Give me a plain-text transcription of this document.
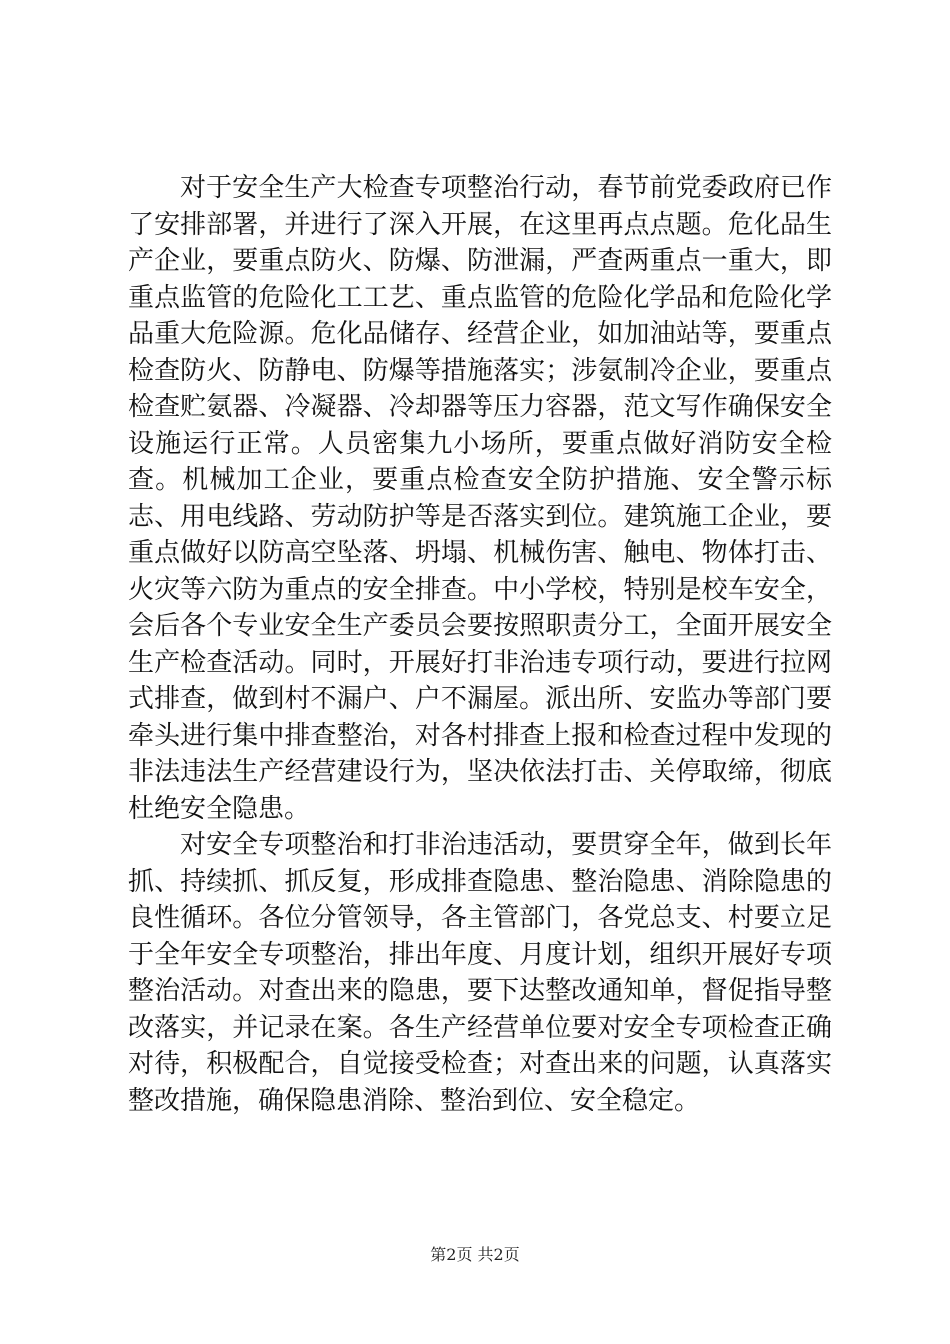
对于安全生产大检查专项整治行动，春节前党委政府已作了安排部署，并进行了深入开展，在这里再点点题。危化品生产企业，要重点防火、防爆、防泄漏，严查两重点一重大，即重点监管的危险化工工艺、重点监管的危险化学品和危险化学品重大危险源。危化品储存、经营企业，如加油站等，要重点检查防火、防静电、防爆等措施落实；涉氨制冷企业，要重点检查贮氨器、冷凝器、冷却器等压力容器，范文写作确保安全设施运行正常。人员密集九小场所，要重点做好消防安全检查。机械加工企业，要重点检查安全防护措施、安全警示标志、用电线路、劳动防护等是否落实到位。建筑施工企业，要重点做好以防高空坠落、坍塌、机械伤害、触电、物体打击、火灾等六防为重点的安全排查。中小学校，特别是校车安全，会后各个专业安全生产委员会要按照职责分工，全面开展安全生产检查活动。同时，开展好打非治违专项行动，要进行拉网式排查，做到村不漏户、户不漏屋。派出所、安监办等部门要牵头进行集中排查整治，对各村排查上报和检查过程中发现的非法违法生产经营建设行为，坚决依法打击、关停取缔，彻底杜绝安全隐患。

对安全专项整治和打非治违活动，要贯穿全年，做到长年抓、持续抓、抓反复，形成排查隐患、整治隐患、消除隐患的良性循环。各位分管领导，各主管部门，各党总支、村要立足于全年安全专项整治，排出年度、月度计划，组织开展好专项整治活动。对查出来的隐患，要下达整改通知单，督促指导整改落实，并记录在案。各生产经营单位要对安全专项检查正确对待，积极配合，自觉接受检查；对查出来的问题，认真落实整改措施，确保隐患消除、整治到位、安全稳定。

第2页 共2页
